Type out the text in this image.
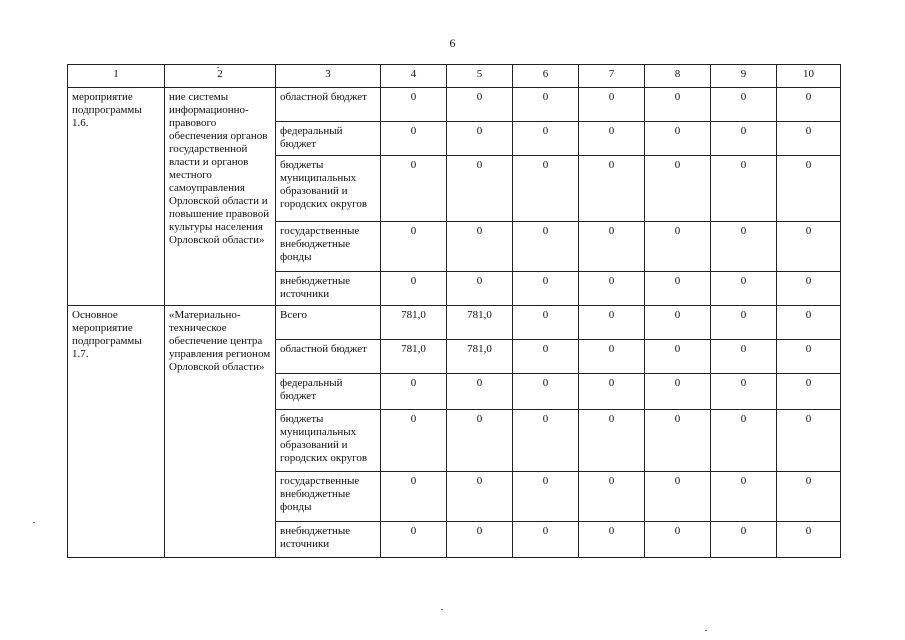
6
1	2	3	4	5	6	7	8	9	10
мероприятие подпрограммы 1.6.	ние системы информационно-правового обеспечения органов государственной власти и органов местного самоуправления Орловской области и повышение правовой культуры населения Орловской области»	областной бюджет	0	0	0	0	0	0	0
		федеральный бюджет	0	0	0	0	0	0	0
		бюджеты муниципальных образований и городских округов	0	0	0	0	0	0	0
		государственные внебюджетные фонды	0	0	0	0	0	0	0
		внебюджетные источники	0	0	0	0	0	0	0
Основное мероприятие подпрограммы 1.7.	«Материально-техническое обеспечение центра управления регионом Орловской области»	Всего	781,0	781,0	0	0	0	0	0
		областной бюджет	781,0	781,0	0	0	0	0	0
		федеральный бюджет	0	0	0	0	0	0	0
		бюджеты муниципальных образований и городских округов	0	0	0	0	0	0	0
		государственные внебюджетные фонды	0	0	0	0	0	0	0
		внебюджетные источники	0	0	0	0	0	0	0
